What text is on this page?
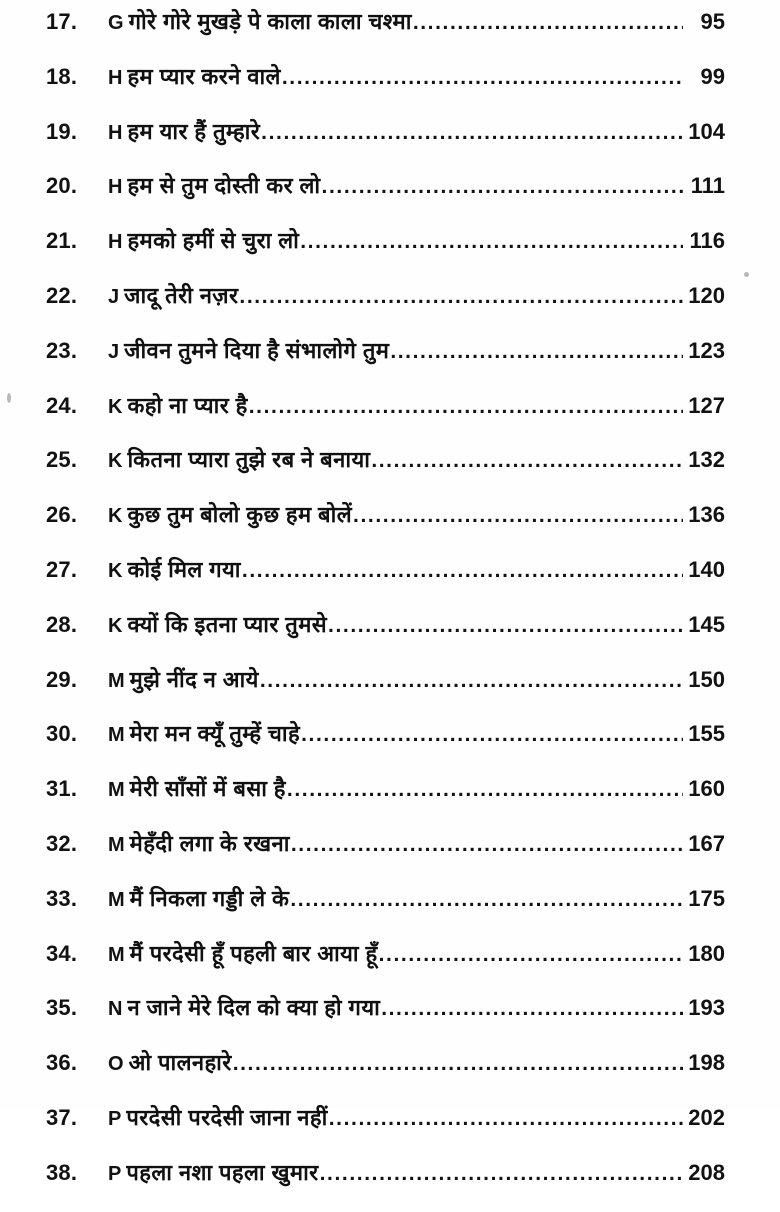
17.	G गोरे गोरे मुखड़े पे काला काला चश्मा .....	95
18.	H हम प्यार करने वाले .....	99
19.	H हम यार हैं तुम्हारे .....	104
20.	H हम से तुम दोस्ती कर लो .....	111
21.	H हमको हमीं से चुरा लो .....	116
22.	J जादू तेरी नज़र .....	120
23.	J जीवन तुमने दिया है संभालोगे तुम .....	123
24.	K कहो ना प्यार है .....	127
25.	K कितना प्यारा तुझे रब ने बनाया .....	132
26.	K कुछ तुम बोलो कुछ हम बोलें .....	136
27.	K कोई मिल गया .....	140
28.	K क्यों कि इतना प्यार तुमसे .....	145
29.	M मुझे नींद न आये .....	150
30.	M मेरा मन क्यूँ तुम्हें चाहे .....	155
31.	M मेरी साँसों में बसा है .....	160
32.	M मेहँदी लगा के रखना .....	167
33.	M मैं निकला गड्डी ले के .....	175
34.	M मैं परदेसी हूँ पहली बार आया हूँ .....	180
35.	N न जाने मेरे दिल को क्या हो गया .....	193
36.	O ओ पालनहारे .....	198
37.	P परदेसी परदेसी जाना नहीं .....	202
38.	P पहला नशा पहला खुमार .....	208
